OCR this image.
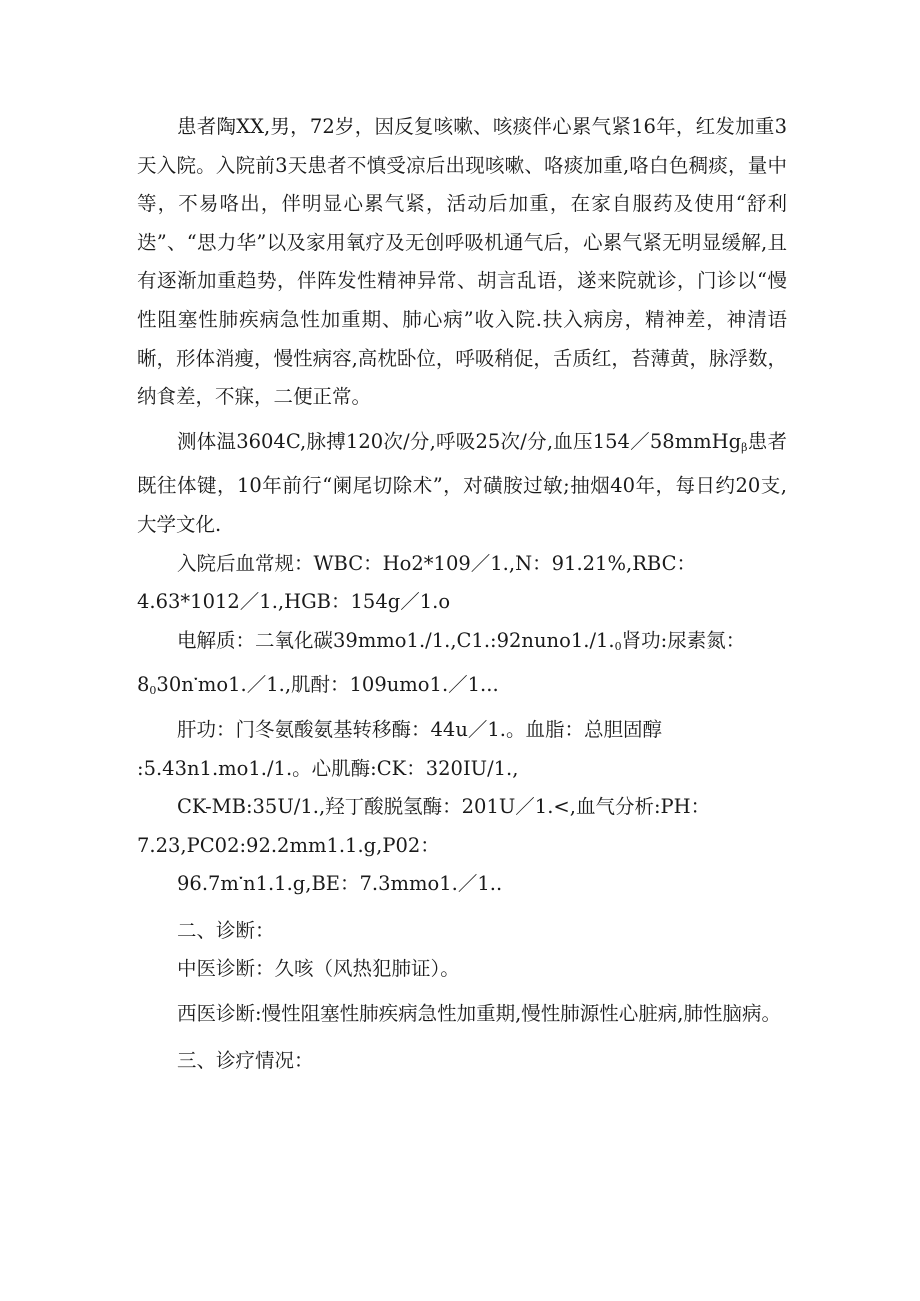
患者陶XX,男，72岁，因反复咳嗽、咳痰伴心累气紧16年，红发加重3天入院。入院前3天患者不慎受凉后出现咳嗽、咯痰加重,咯白色稠痰，量中等，不易咯出，伴明显心累气紧，活动后加重，在家自服药及使用“舒利迭”、“思力华”以及家用氧疗及无创呼吸机通气后，心累气紧无明显缓解,且有逐渐加重趋势，伴阵发性精神异常、胡言乱语，遂来院就诊，门诊以“慢性阻塞性肺疾病急性加重期、肺心病”收入院.扶入病房，精神差，神清语晰，形体消瘦，慢性病容,高枕卧位，呼吸稍促，舌质红，苔薄黄，脉浮数，纳食差，不寐，二便正常。

测体温3604C,脉搏120次/分,呼吸25次/分,血压154／58mmHg$_\beta$患者既往体键，10年前行“阑尾切除术”，对磺胺过敏;抽烟40年，每日约20支,大学文化.

入院后血常规：WBC：Ho2*109／1.,N：91.21%,RBC：
4.63*1012／1.,HGB：154g／1.o
电解质：二氧化碳$39mmo1./1.,C1.:92nuno1./1._0$肾功:尿素氮：
$8_030n་mo1./1$.,肌酎：109umo1.／1...
肝功：门冬氨酸氨基转移酶：44u／1.。血脂：总胆固醇
:5.43n1.mo1./1.。心肌酶:CK：320IU/1.,
CK-MB:35U/1.,羟丁酸脱氢酶：201U／1.<,血气分析:PH：
7.23,PC02:92.2mm1.1.g,P02：
96.7m་n1.1.g,BE：7.3mmo1.／1..
二、诊断：
中医诊断：久咳（风热犯肺证）。

西医诊断:慢性阻塞性肺疾病急性加重期,慢性肺源性心脏病,肺性脑病。

三、诊疗情况：
